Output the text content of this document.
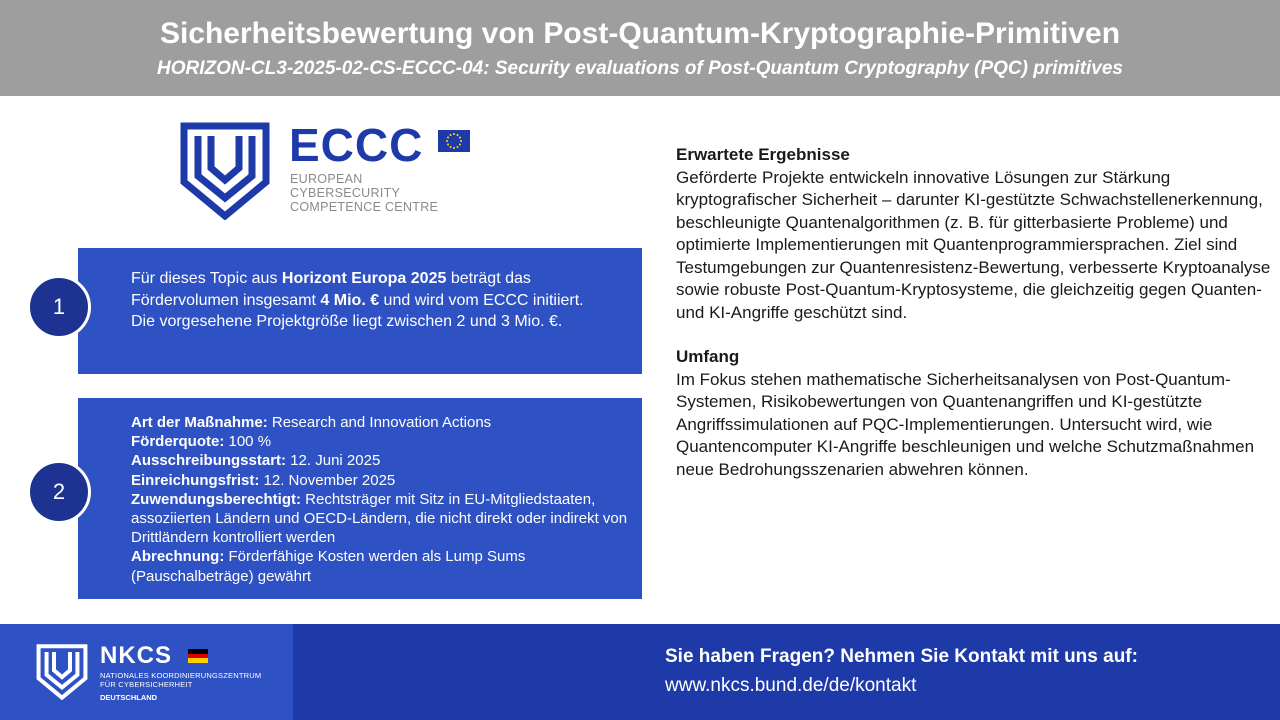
Sicherheitsbewertung von Post-Quantum-Kryptographie-Primitiven
HORIZON-CL3-2025-02-CS-ECCC-04: Security evaluations of Post-Quantum Cryptography (PQC) primitives
ECCC
EUROPEAN CYBERSECURITY
COMPETENCE CENTRE
Für dieses Topic aus Horizont Europa 2025 beträgt das Fördervolumen insgesamt 4 Mio. € und wird vom ECCC initiiert. Die vorgesehene Projektgröße liegt zwischen 2 und 3 Mio. €.
1
Art der Maßnahme: Research and Innovation Actions
Förderquote: 100 %
Ausschreibungsstart: 12. Juni 2025
Einreichungsfrist: 12. November 2025
Zuwendungsberechtigt: Rechtsträger mit Sitz in EU-Mitgliedstaaten, assoziierten Ländern und OECD-Ländern, die nicht direkt oder indirekt von Drittländern kontrolliert werden
Abrechnung: Förderfähige Kosten werden als Lump Sums (Pauschalbeträge) gewährt
2
Erwartete Ergebnisse
Geförderte Projekte entwickeln innovative Lösungen zur Stärkung kryptografischer Sicherheit – darunter KI-gestützte Schwachstellenerkennung, beschleunigte Quantenalgorithmen (z. B. für gitterbasierte Probleme) und optimierte Implementierungen mit Quantenprogrammiersprachen. Ziel sind Testumgebungen zur Quantenresistenz-Bewertung, verbesserte Kryptoanalyse sowie robuste Post-Quantum-Kryptosysteme, die gleichzeitig gegen Quanten- und KI-Angriffe geschützt sind.
Umfang
Im Fokus stehen mathematische Sicherheitsanalysen von Post-Quantum-Systemen, Risikobewertungen von Quantenangriffen und KI-gestützte Angriffssimulationen auf PQC-Implementierungen. Untersucht wird, wie Quantencomputer KI-Angriffe beschleunigen und welche Schutzmaßnahmen neue Bedrohungsszenarien abwehren können.
NKCS
NATIONALES KOORDINIERUNGSZENTRUM
FÜR CYBERSICHERHEIT
DEUTSCHLAND
Sie haben Fragen? Nehmen Sie Kontakt mit uns auf:
www.nkcs.bund.de/de/kontakt
